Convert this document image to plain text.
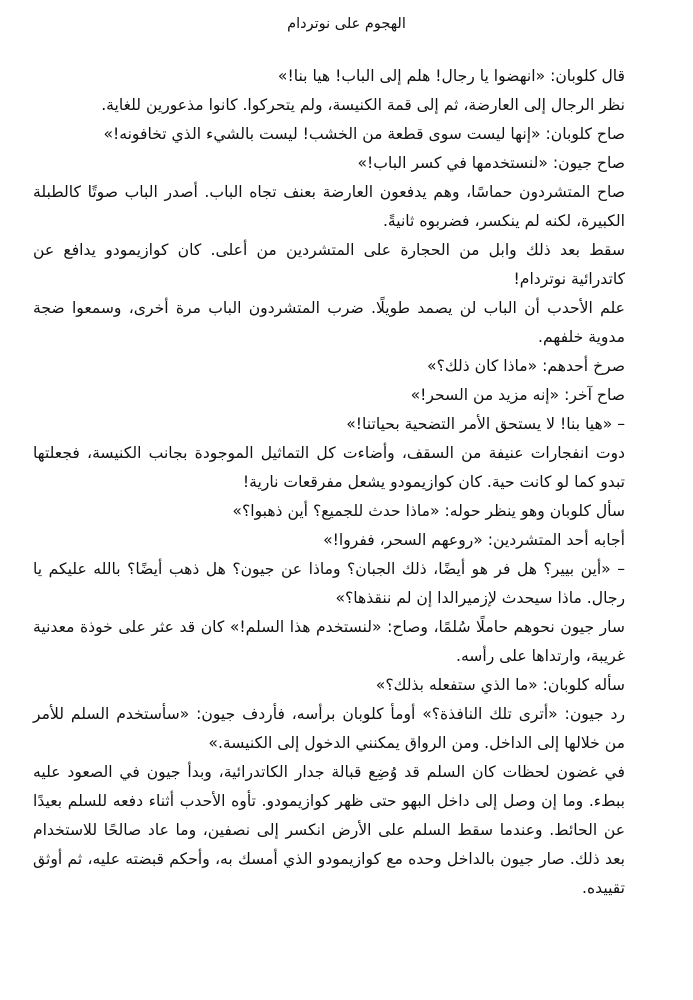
الهجوم على نوتردام

قال كلوبان: «انهضوا يا رجال! هلم إلى الباب! هيا بنا!»

نظر الرجال إلى العارضة، ثم إلى قمة الكنيسة، ولم يتحركوا. كانوا مذعورين للغاية.

صاح كلوبان: «إنها ليست سوى قطعة من الخشب! ليست بالشيء الذي تخافونه!»

صاح جيون: «لنستخدمها في كسر الباب!»

صاح المتشردون حماسًا، وهم يدفعون العارضة بعنف تجاه الباب. أصدر الباب صوتًا كالطبلة الكبيرة، لكنه لم ينكسر، فضربوه ثانيةً.

سقط بعد ذلك وابل من الحجارة على المتشردين من أعلى. كان كوازيمودو يدافع عن كاتدرائية نوتردام!

علم الأحدب أن الباب لن يصمد طويلًا. ضرب المتشردون الباب مرة أخرى، وسمعوا ضجة مدوية خلفهم.

صرخ أحدهم: «ماذا كان ذلك؟»

صاح آخر: «إنه مزيد من السحر!»

– «هيا بنا! لا يستحق الأمر التضحية بحياتنا!»

دوت انفجارات عنيفة من السقف، وأضاءت كل التماثيل الموجودة بجانب الكنيسة، فجعلتها تبدو كما لو كانت حية. كان كوازيمودو يشعل مفرقعات نارية!

سأل كلوبان وهو ينظر حوله: «ماذا حدث للجميع؟ أين ذهبوا؟»

أجابه أحد المتشردين: «روعهم السحر، ففروا!»

– «أين بيير؟ هل فر هو أيضًا، ذلك الجبان؟ وماذا عن جيون؟ هل ذهب أيضًا؟ بالله عليكم يا رجال. ماذا سيحدث لإزميرالدا إن لم ننقذها؟»

سار جيون نحوهم حاملًا سُلمًا، وصاح: «لنستخدم هذا السلم!» كان قد عثر على خوذة معدنية غريبة، وارتداها على رأسه.

سأله كلوبان: «ما الذي ستفعله بذلك؟»

رد جيون: «أترى تلك النافذة؟» أومأ كلوبان برأسه، فأردف جيون: «سأستخدم السلم للأمر من خلالها إلى الداخل. ومن الرواق يمكنني الدخول إلى الكنيسة.»

في غضون لحظات كان السلم قد وُضِع قبالة جدار الكاتدرائية، وبدأ جيون في الصعود عليه ببطء. وما إن وصل إلى داخل البهو حتى ظهر كوازيمودو. تأوه الأحدب أثناء دفعه للسلم بعيدًا عن الحائط. وعندما سقط السلم على الأرض انكسر إلى نصفين، وما عاد صالحًا للاستخدام بعد ذلك. صار جيون بالداخل وحده مع كوازيمودو الذي أمسك به، وأحكم قبضته عليه، ثم أوثق تقييده.
